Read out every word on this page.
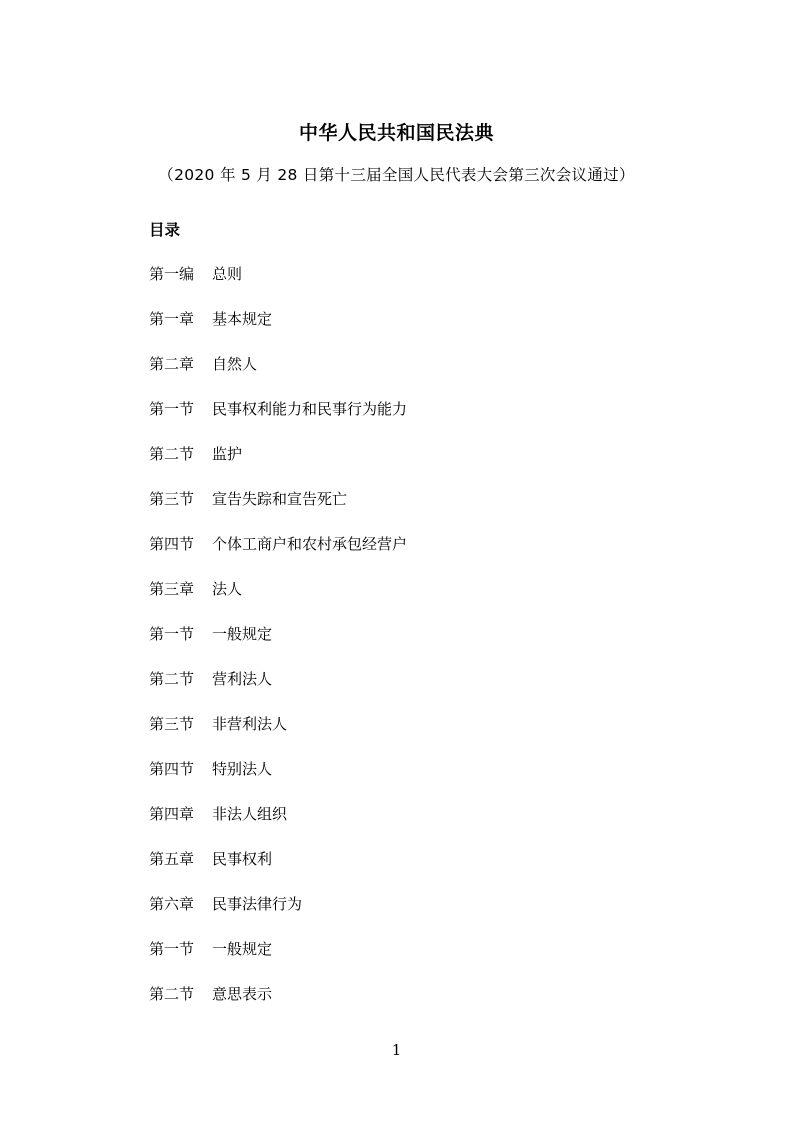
中华人民共和国民法典
（2020 年 5 月 28 日第十三届全国人民代表大会第三次会议通过）
目录
第一编 总则
第一章 基本规定
第二章 自然人
第一节 民事权利能力和民事行为能力
第二节 监护
第三节 宣告失踪和宣告死亡
第四节 个体工商户和农村承包经营户
第三章 法人
第一节 一般规定
第二节 营利法人
第三节 非营利法人
第四节 特别法人
第四章 非法人组织
第五章 民事权利
第六章 民事法律行为
第一节 一般规定
第二节 意思表示
1
